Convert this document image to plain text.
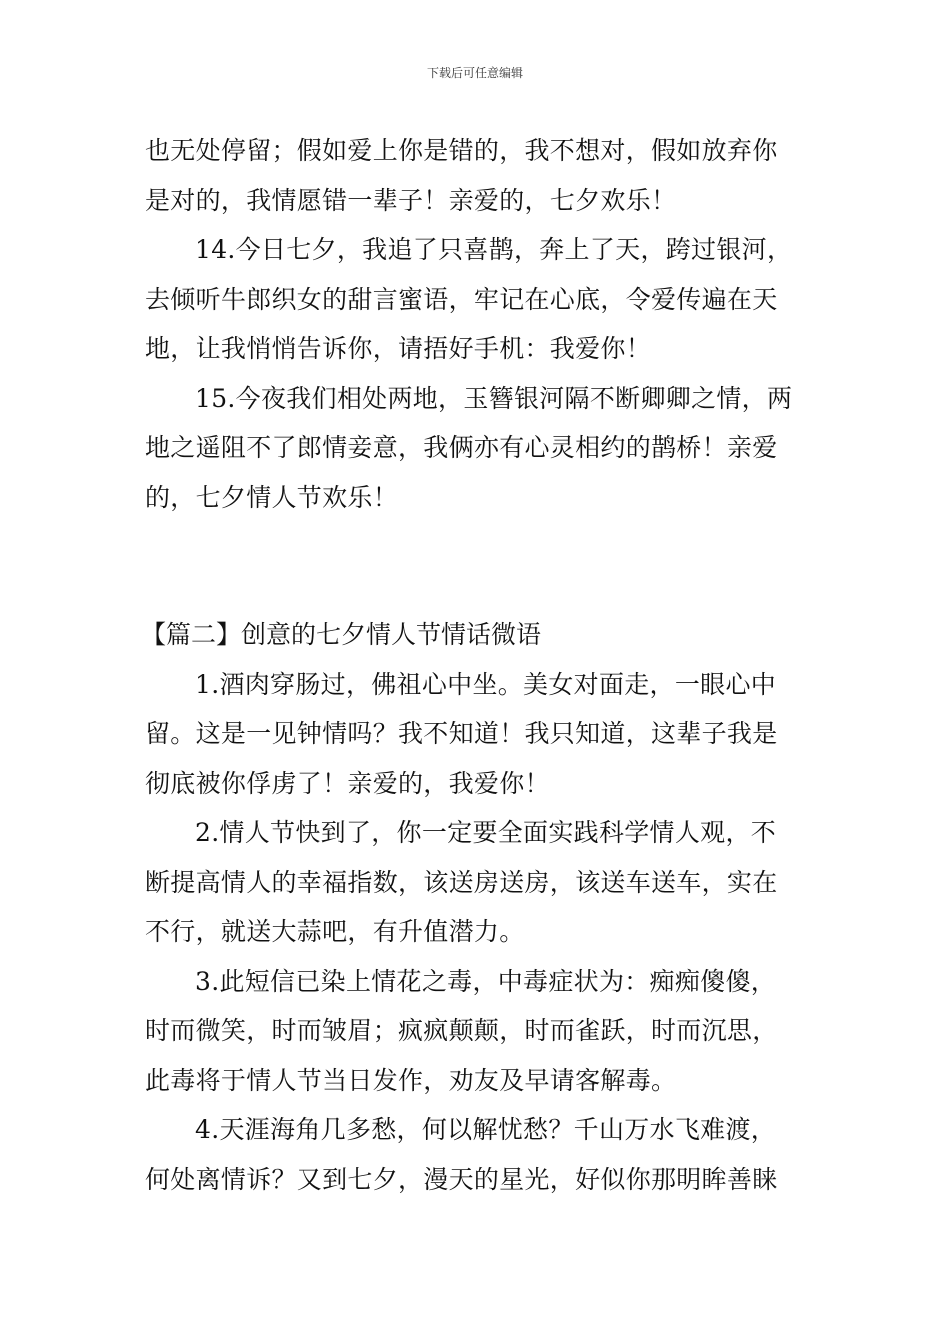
下载后可任意编辑
也无处停留；假如爱上你是错的，我不想对，假如放弃你
是对的，我情愿错一辈子！亲爱的，七夕欢乐！
14.今日七夕，我追了只喜鹊，奔上了天，跨过银河，
去倾听牛郎织女的甜言蜜语，牢记在心底，令爱传遍在天
地，让我悄悄告诉你，请捂好手机：我爱你！
15.今夜我们相处两地，玉簪银河隔不断卿卿之情，两
地之遥阻不了郎情妾意，我俩亦有心灵相约的鹊桥！亲爱
的，七夕情人节欢乐！
【篇二】创意的七夕情人节情话微语
1.酒肉穿肠过，佛祖心中坐。美女对面走，一眼心中
留。这是一见钟情吗？我不知道！我只知道，这辈子我是
彻底被你俘虏了！亲爱的，我爱你！
2.情人节快到了，你一定要全面实践科学情人观，不
断提高情人的幸福指数，该送房送房，该送车送车，实在
不行，就送大蒜吧，有升值潜力。
3.此短信已染上情花之毒，中毒症状为：痴痴傻傻，
时而微笑，时而皱眉；疯疯颠颠，时而雀跃，时而沉思，
此毒将于情人节当日发作，劝友及早请客解毒。
4.天涯海角几多愁，何以解忧愁？千山万水飞难渡，
何处离情诉？又到七夕，漫天的星光，好似你那明眸善睐
